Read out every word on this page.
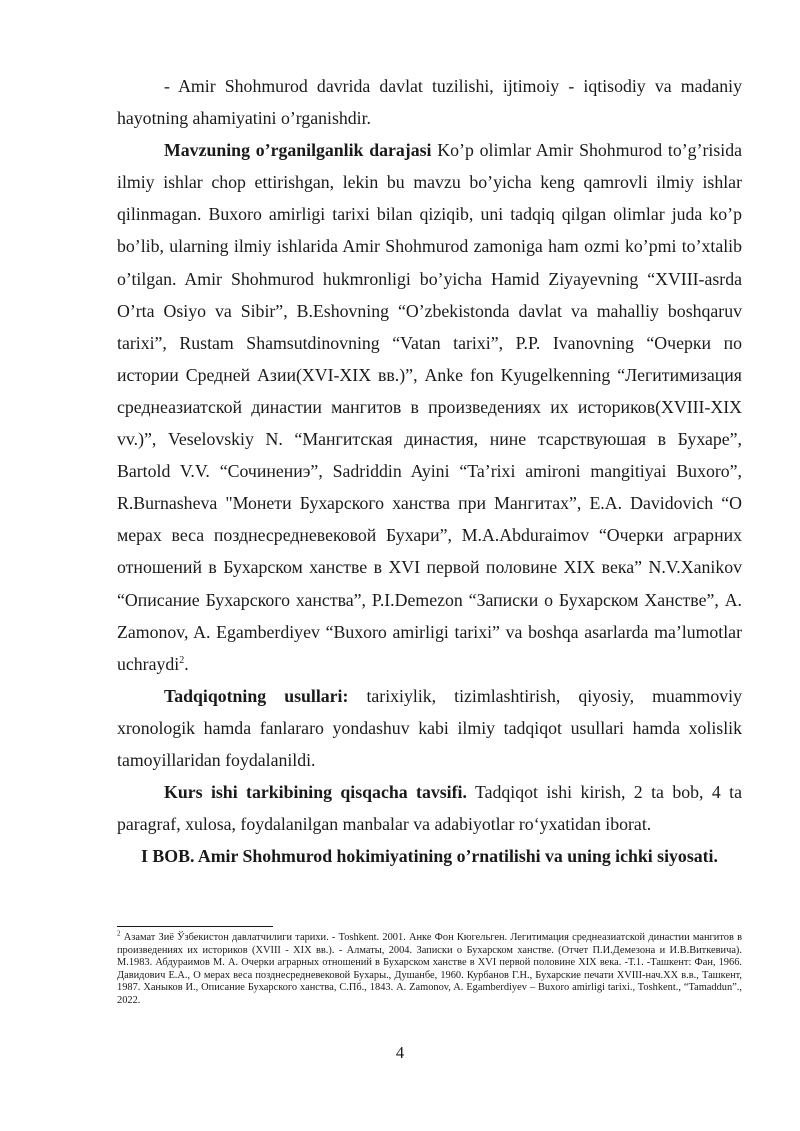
- Amir Shohmurod davrida davlat tuzilishi, ijtimoiy - iqtisodiy va madaniy hayotning ahamiyatini o’rganishdir.

Mavzuning o’rganilganlik darajasi Ko’p olimlar Amir Shohmurod to’g’risida ilmiy ishlar chop ettirishgan, lekin bu mavzu bo’yicha keng qamrovli ilmiy ishlar qilinmagan. Buxoro amirligi tarixi bilan qiziqib, uni tadqiq qilgan olimlar juda ko’p bo’lib, ularning ilmiy ishlarida Amir Shohmurod zamoniga ham ozmi ko’pmi to’xtalib o’tilgan. Amir Shohmurod hukmronligi bo’yicha Hamid Ziyayevning “XVIII-asrda O’rta Osiyo va Sibir”, B.Eshovning “O’zbekistonda davlat va mahalliy boshqaruv tarixi”, Rustam Shamsutdinovning “Vatan tarixi”, P.P. Ivanovning “Очерки по истории Средней Азии(XVI-XIX вв.)”, Anke fon Kyugelkenning “Легитимизация среднеазиатской династии мангитов в произведениях их историков(XVIII-XIX vv.)”, Veselovskiy N. “Мангитская династия, нине тсарствуюшая в Бухаре”, Bartold V.V. “Сочинениэ”, Sadriddin Ayini “Ta’rixi amironi mangitiyai Buxoro”, R.Burnasheva "Монети Бухарского ханства при Мангитах”, E.A. Davidovich “О мерах веса позднесредневековой Бухари”, M.A.Abduraimov “Очерки аграрних отношений в Бухарском ханстве в XVI первой половине XIX века” N.V.Xanikov “Описание Бухарского ханства”, P.I.Demezon “Записки о Бухарском Ханстве”, A. Zamonov, A. Egamberdiyev “Buxoro amirligi tarixi” va boshqa asarlarda ma’lumotlar uchraydi$^2$.

Tadqiqotning usullari: tarixiylik, tizimlashtirish, qiyosiy, muammoviy xronologik hamda fanlararo yondashuv kabi ilmiy tadqiqot usullari hamda xolislik tamoyillaridan foydalanildi.

Kurs ishi tarkibining qisqacha tavsifi. Tadqiqot ishi kirish, 2 ta bob, 4 ta paragraf, xulosa, foydalanilgan manbalar va adabiyotlar ro‘yxatidan iborat.

I BOB. Amir Shohmurod hokimiyatining o’rnatilishi va uning ichki siyosati.

$^2$ Азамат Зиё Ўзбекистон давлатчилиги тарихи. - Toshkent. 2001. Анке Фон Кюгельген. Легитимация среднеазиатской династии мангитов в произведениях их историков (XVIII - XIX вв.). - Алматы, 2004. Записки о Бухарском ханстве. (Отчет П.И.Демезона и И.В.Виткевича). М.1983. Абдураимов М. А. Очерки аграрных отношений в Бухарском ханстве в XVI первой половине XIX века. -Т.1. -Ташкент: Фан, 1966. Давидович Е.А., О мерах веса позднесредневековой Бухары., Душанбе, 1960. Курбанов Г.Н., Бухарские печати XVIII-нач.XX в.в., Ташкент, 1987. Ханыков И., Описание Бухарского ханства, С.Пб., 1843. A. Zamonov, A. Egamberdiyev – Buxoro amirligi tarixi., Toshkent., “Tamaddun”., 2022.
4
